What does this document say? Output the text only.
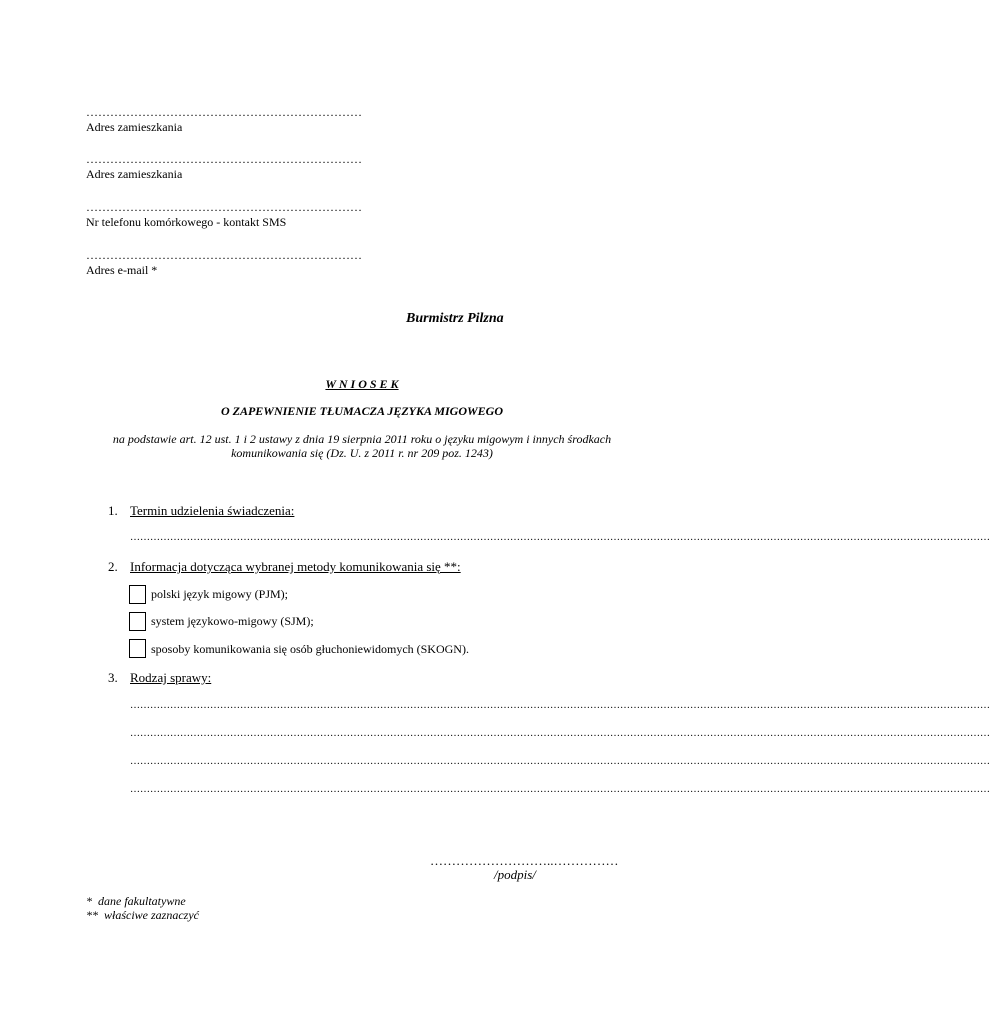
……………………………………………………………
Adres zamieszkania
……………………………………………………………
Adres zamieszkania
……………………………………………………………
Nr telefonu komórkowego - kontakt SMS
……………………………………………………………
Adres e-mail *
Burmistrz Pilzna
W N I O S E K
O ZAPEWNIENIE TŁUMACZA JĘZYKA MIGOWEGO
na podstawie art. 12 ust. 1 i 2 ustawy z dnia 19 sierpnia 2011 roku o języku migowym i innych środkach
komunikowania się (Dz. U. z 2011 r. nr 209 poz. 1243)
1. Termin udzielenia świadczenia:
……………………………………………………………………………………………………………………………………………………………………………………………………………………………………
2. Informacja dotycząca wybranej metody komunikowania się **:
polski język migowy (PJM);
system językowo-migowy (SJM);
sposoby komunikowania się osób głuchoniewidomych (SKOGN).
3. Rodzaj sprawy:
……………………………………………………………………………………………………………………………………………………………………………………………………………………………………
……………………………………………………………………………………………………………………………………………………………………………………………………………………………………
……………………………………………………………………………………………………………………………………………………………………………………………………………………………………
……………………………………………………………………………………………………………………………………………………………………………………………………………………………………
………………………..……………
/podpis/
*  dane fakultatywne
**  właściwe zaznaczyć
